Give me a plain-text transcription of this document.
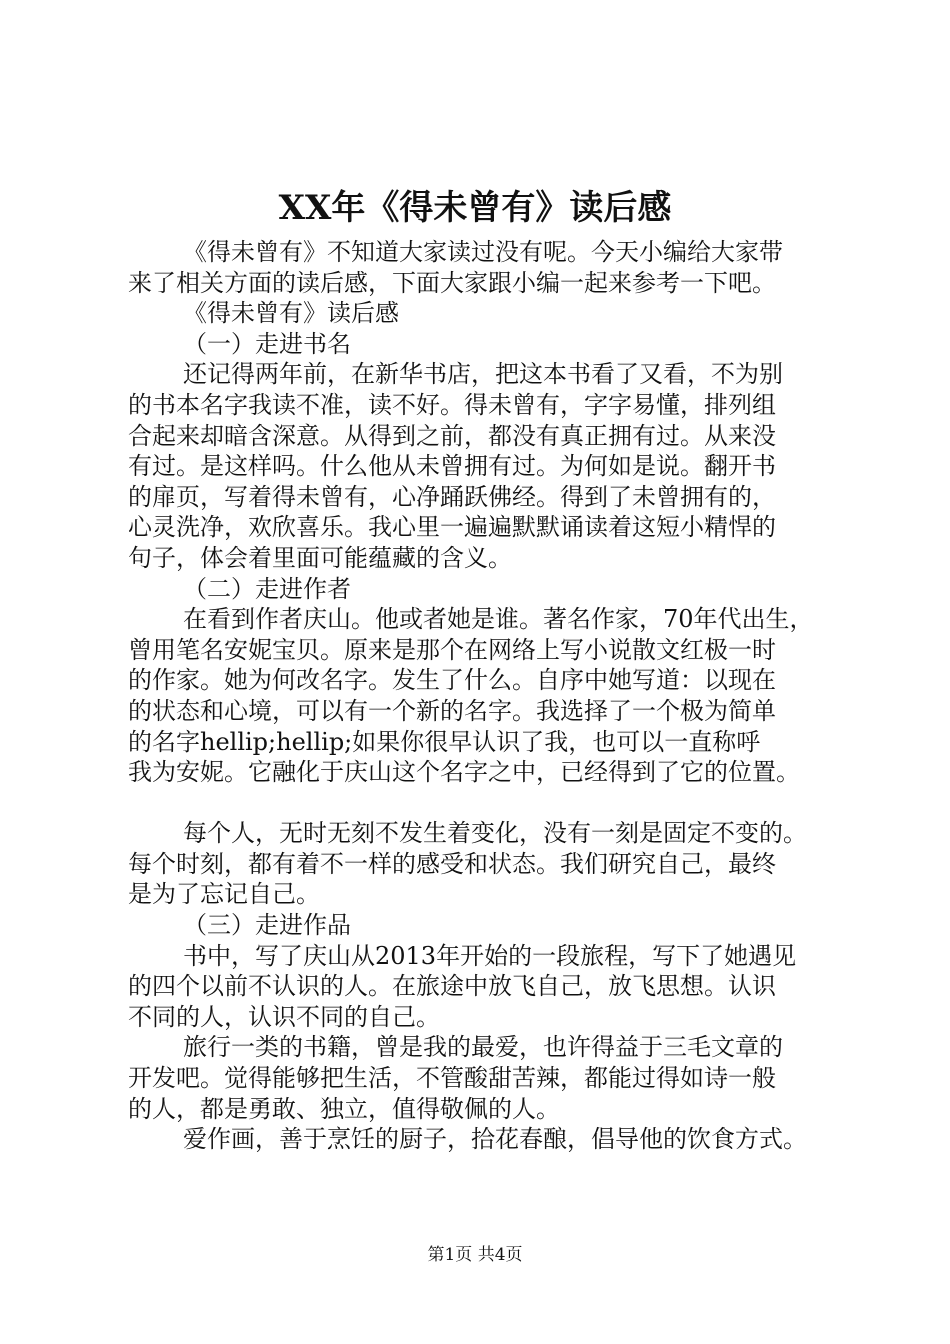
XX年《得未曾有》读后感
《得未曾有》不知道大家读过没有呢。今天小编给大家带
来了相关方面的读后感，下面大家跟小编一起来参考一下吧。
《得未曾有》读后感
（一）走进书名
还记得两年前，在新华书店，把这本书看了又看，不为别
的书本名字我读不准，读不好。得未曾有，字字易懂，排列组
合起来却暗含深意。从得到之前，都没有真正拥有过。从来没
有过。是这样吗。什么他从未曾拥有过。为何如是说。翻开书
的扉页，写着得未曾有，心净踊跃佛经。得到了未曾拥有的，
心灵洗净，欢欣喜乐。我心里一遍遍默默诵读着这短小精悍的
句子，体会着里面可能蕴藏的含义。
（二）走进作者
在看到作者庆山。他或者她是谁。著名作家，70年代出生，
曾用笔名安妮宝贝。原来是那个在网络上写小说散文红极一时
的作家。她为何改名字。发生了什么。自序中她写道：以现在
的状态和心境，可以有一个新的名字。我选择了一个极为简单
的名字hellip;hellip;如果你很早认识了我，也可以一直称呼
我为安妮。它融化于庆山这个名字之中，已经得到了它的位置。
每个人，无时无刻不发生着变化，没有一刻是固定不变的。
每个时刻，都有着不一样的感受和状态。我们研究自己，最终
是为了忘记自己。
（三）走进作品
书中，写了庆山从2013年开始的一段旅程，写下了她遇见
的四个以前不认识的人。在旅途中放飞自己，放飞思想。认识
不同的人，认识不同的自己。
旅行一类的书籍，曾是我的最爱，也许得益于三毛文章的
开发吧。觉得能够把生活，不管酸甜苦辣，都能过得如诗一般
的人，都是勇敢、独立，值得敬佩的人。
爱作画，善于烹饪的厨子，拾花春酿，倡导他的饮食方式。
第1页 共4页
